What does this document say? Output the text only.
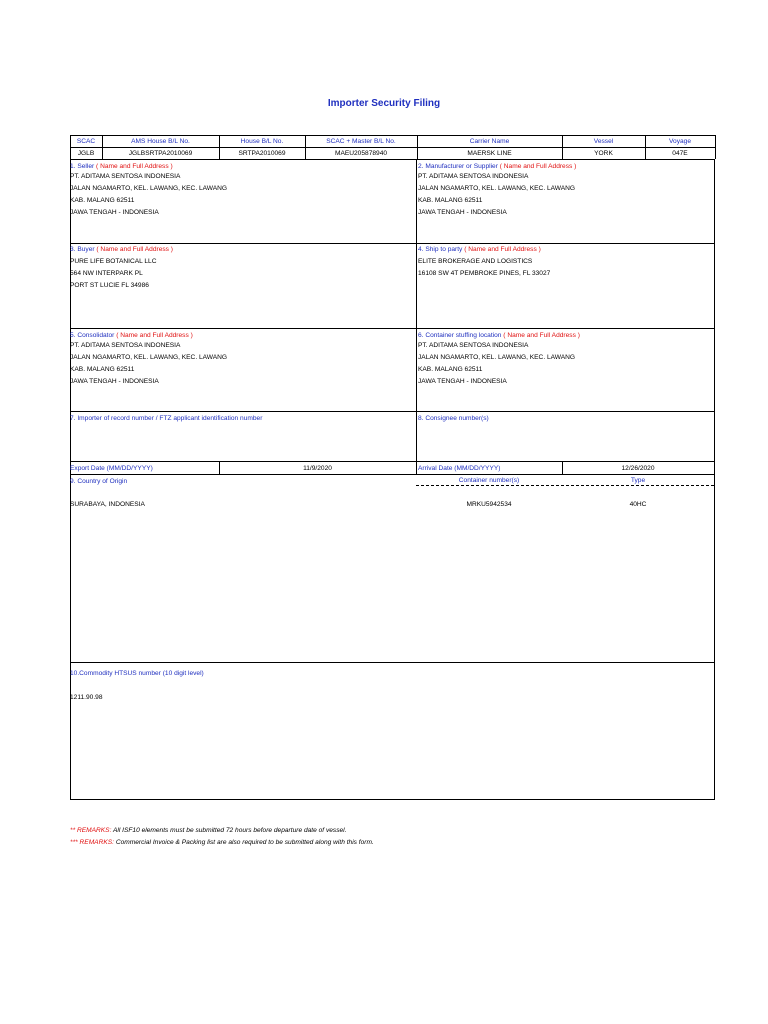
Importer Security Filing
SCAC	AMS House B/L No.	House B/L No.	SCAC + Master B/L No.	Carrier Name	Vessel	Voyage
JGLB	JGLBSRTPA2010069	SRTPA2010069	MAEU205878940	MAERSK LINE	YORK	047E
1. Seller ( Name and Full Address )
PT. ADITAMA SENTOSA INDONESIA
JALAN NGAMARTO, KEL. LAWANG, KEC. LAWANG
KAB. MALANG 62511
JAWA TENGAH - INDONESIA
2. Manufacturer or Supplier ( Name and Full Address )
PT. ADITAMA SENTOSA INDONESIA
JALAN NGAMARTO, KEL. LAWANG, KEC. LAWANG
KAB. MALANG 62511
JAWA TENGAH - INDONESIA
3. Buyer ( Name and Full Address )
PURE LIFE BOTANICAL LLC
564 NW INTERPARK PL
PORT ST LUCIE FL 34986
4. Ship to party ( Name and Full Address )
ELITE BROKERAGE AND LOGISTICS
16108 SW 4T PEMBROKE PINES, FL 33027
5. Consolidator ( Name and Full Address )
PT. ADITAMA SENTOSA INDONESIA
JALAN NGAMARTO, KEL. LAWANG, KEC. LAWANG
KAB. MALANG 62511
JAWA TENGAH - INDONESIA
6. Container stuffing location ( Name and Full Address )
PT. ADITAMA SENTOSA INDONESIA
JALAN NGAMARTO, KEL. LAWANG, KEC. LAWANG
KAB. MALANG 62511
JAWA TENGAH - INDONESIA
7. Importer of record number / FTZ applicant identification number	8. Consignee number(s)
Export Date (MM/DD/YYYY)	11/9/2020	Arrival Date (MM/DD/YYYY)	12/26/2020
9. Country of Origin
SURABAYA, INDONESIA
Container number(s)	Type
MRKU5942534	40HC
10.Commodity HTSUS number (10 digit level)
1211.90.98
** REMARKS: All ISF10 elements must be submitted 72 hours before departure date of vessel.
*** REMARKS: Commercial Invoice & Packing list are also required to be submitted along with this form.
